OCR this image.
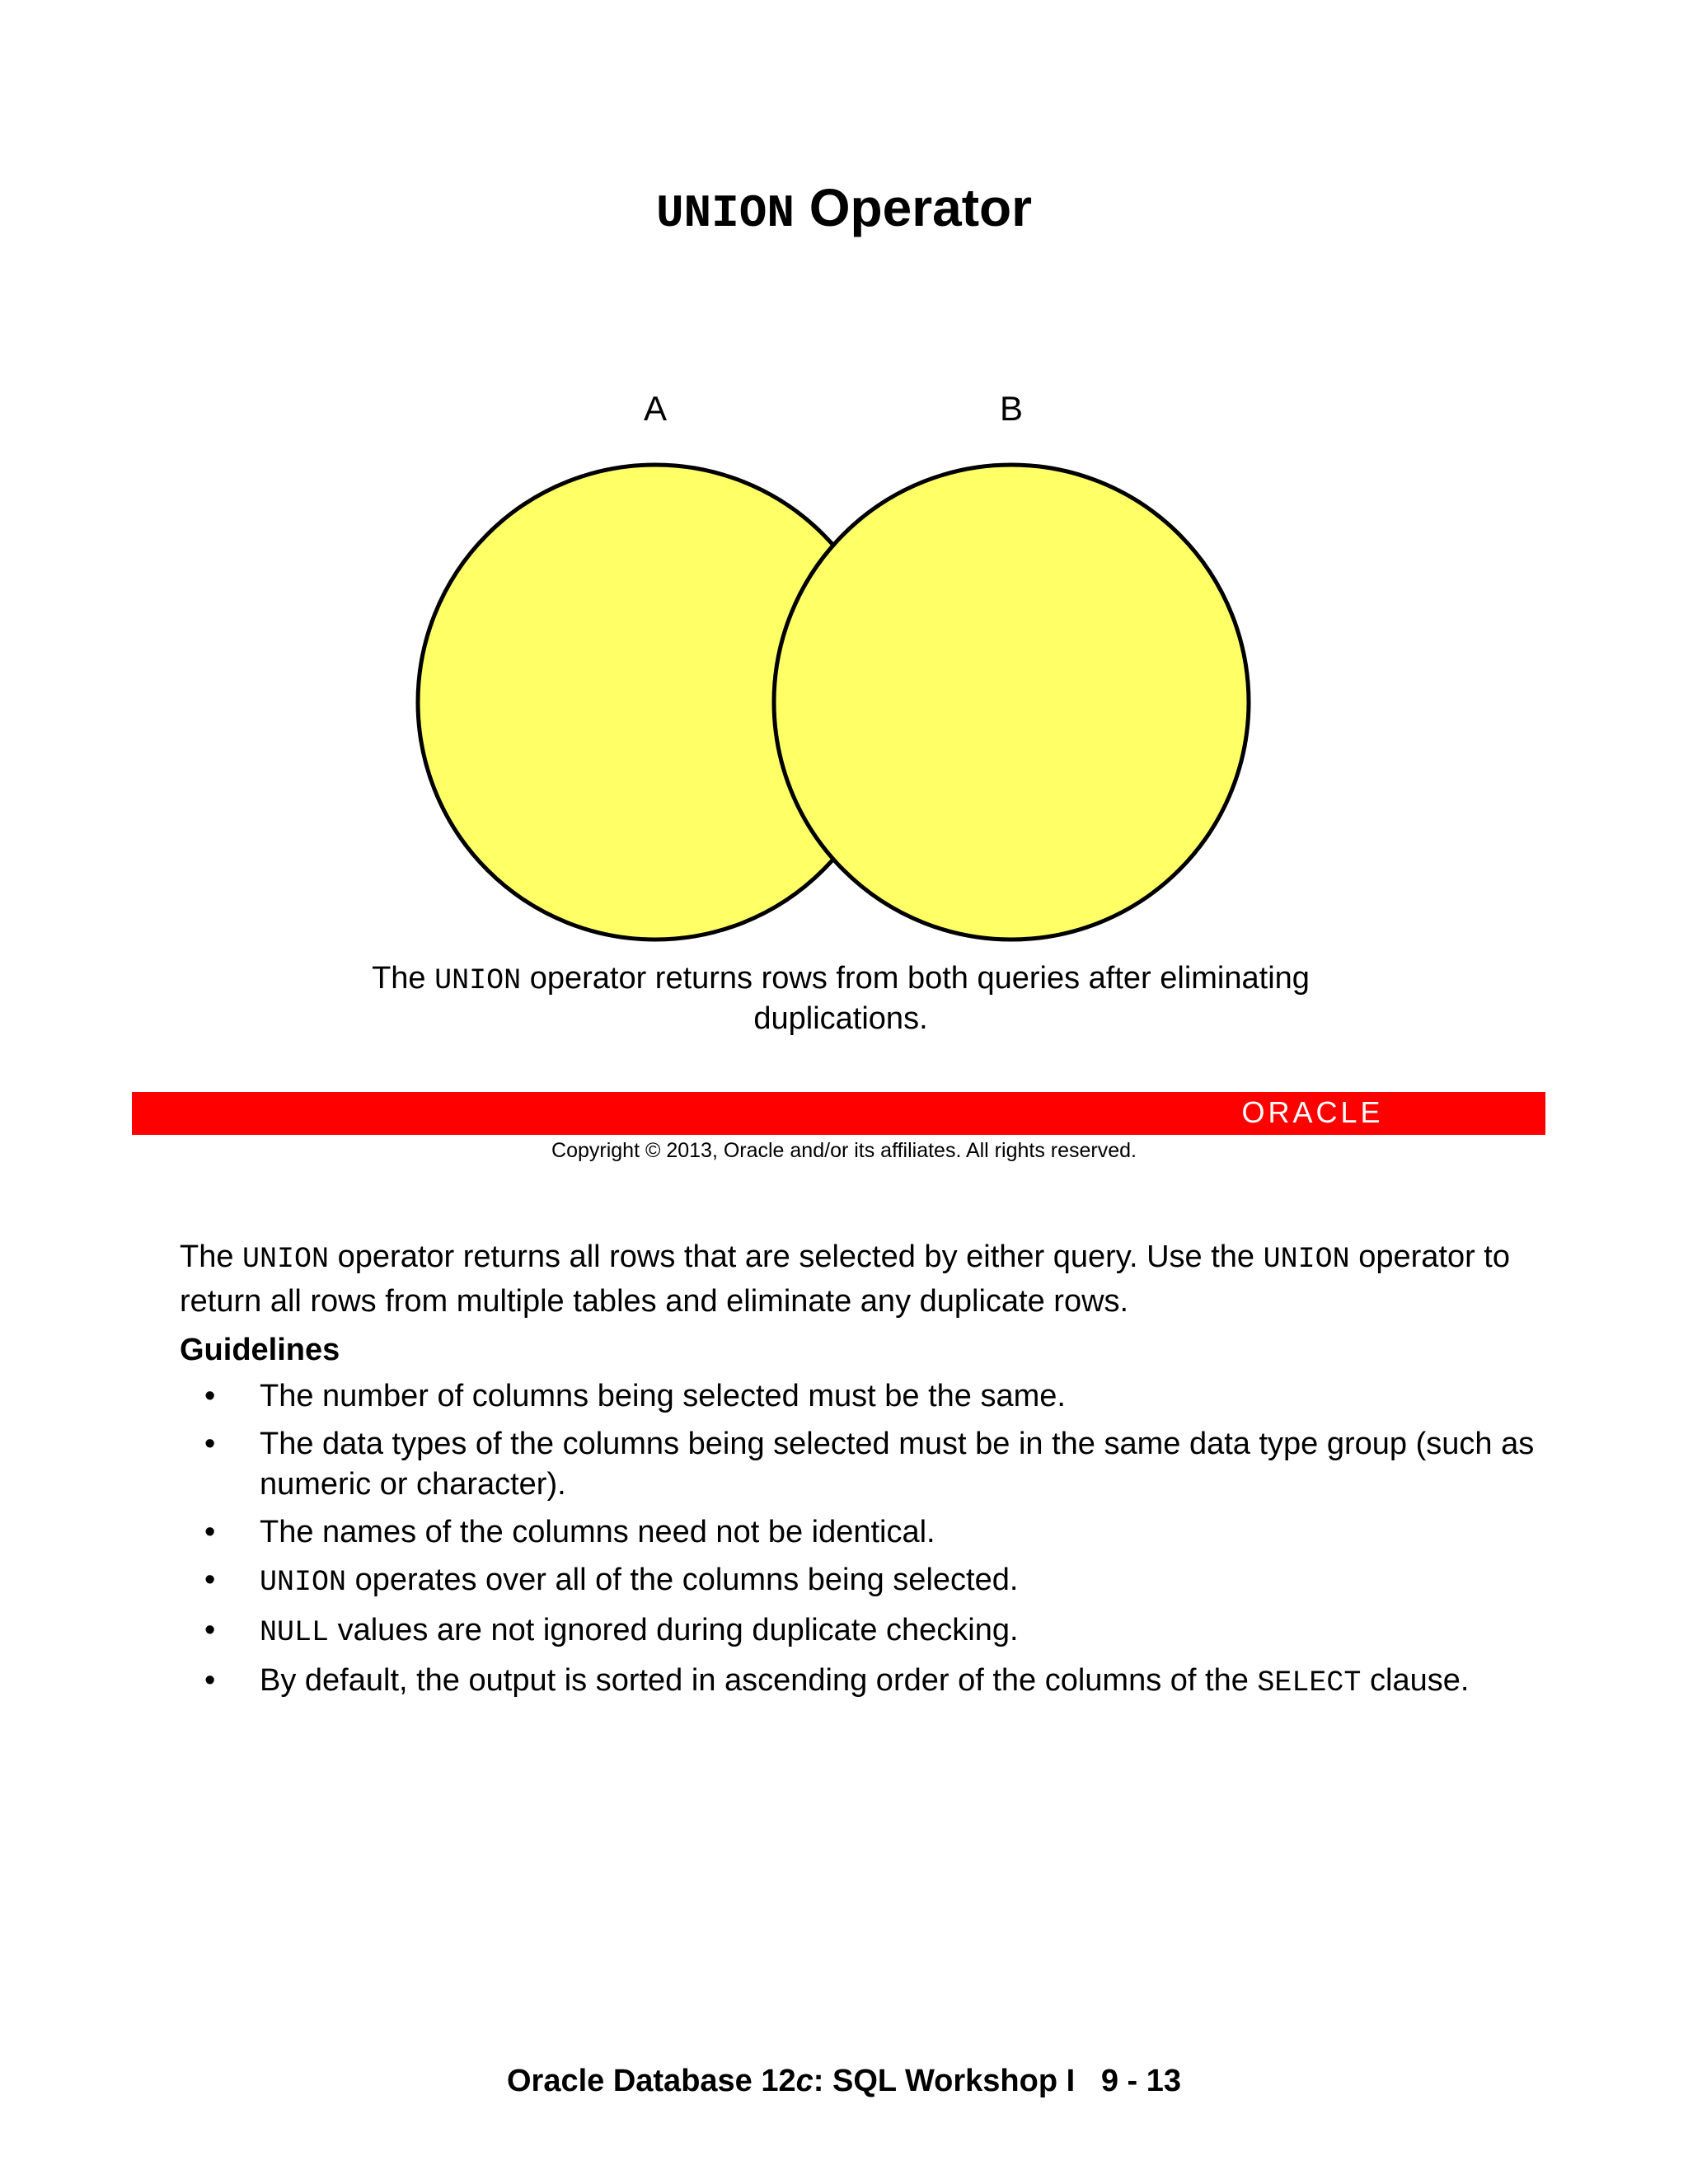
UNION Operator
A	B
The UNION operator returns rows from both queries after eliminating duplications.
ORACLE
Copyright © 2013, Oracle and/or its affiliates. All rights reserved.
The UNION operator returns all rows that are selected by either query. Use the UNION operator to return all rows from multiple tables and eliminate any duplicate rows.
Guidelines
• The number of columns being selected must be the same.
• The data types of the columns being selected must be in the same data type group (such as numeric or character).
• The names of the columns need not be identical.
• UNION operates over all of the columns being selected.
• NULL values are not ignored during duplicate checking.
• By default, the output is sorted in ascending order of the columns of the SELECT clause.
Oracle Database 12c: SQL Workshop I   9 - 13
